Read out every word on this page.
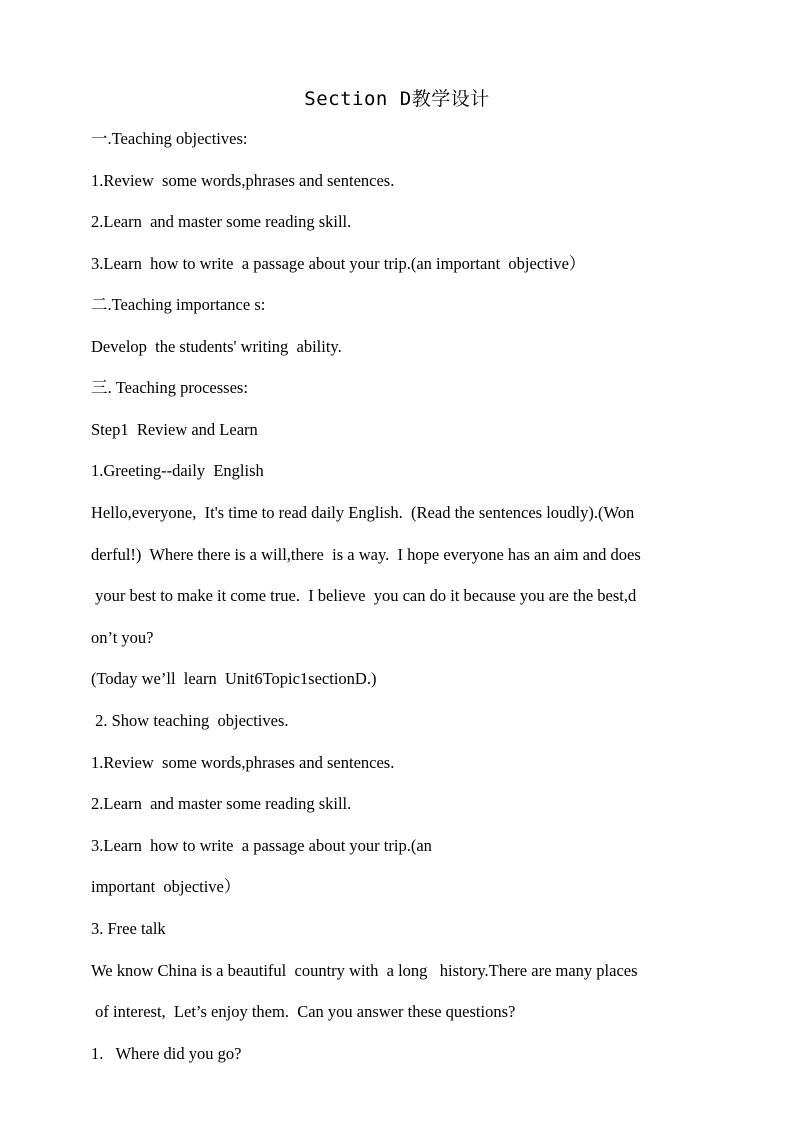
Section D教学设计
一.Teaching objectives:
1.Review  some words,phrases and sentences.
2.Learn  and master some reading skill.
3.Learn  how to write  a passage about your trip.(an important  objective）
二.Teaching importance s:
Develop  the students' writing  ability.
三. Teaching processes:
Step1  Review and Learn
1.Greeting--daily  English
Hello,everyone,  It's time to read daily English.  (Read the sentences loudly).(Won
derful!)  Where there is a will,there  is a way.  I hope everyone has an aim and does
your best to make it come true.  I believe  you can do it because you are the best,d
on’t you?
(Today we’ll  learn  Unit6Topic1sectionD.)
2. Show teaching  objectives.
1.Review  some words,phrases and sentences.
2.Learn  and master some reading skill.
3.Learn  how to write  a passage about your trip.(an
important  objective）
3. Free talk
We know China is a beautiful  country with  a long   history.There are many places
of interest,  Let’s enjoy them.  Can you answer these questions?
1.   Where did you go?
